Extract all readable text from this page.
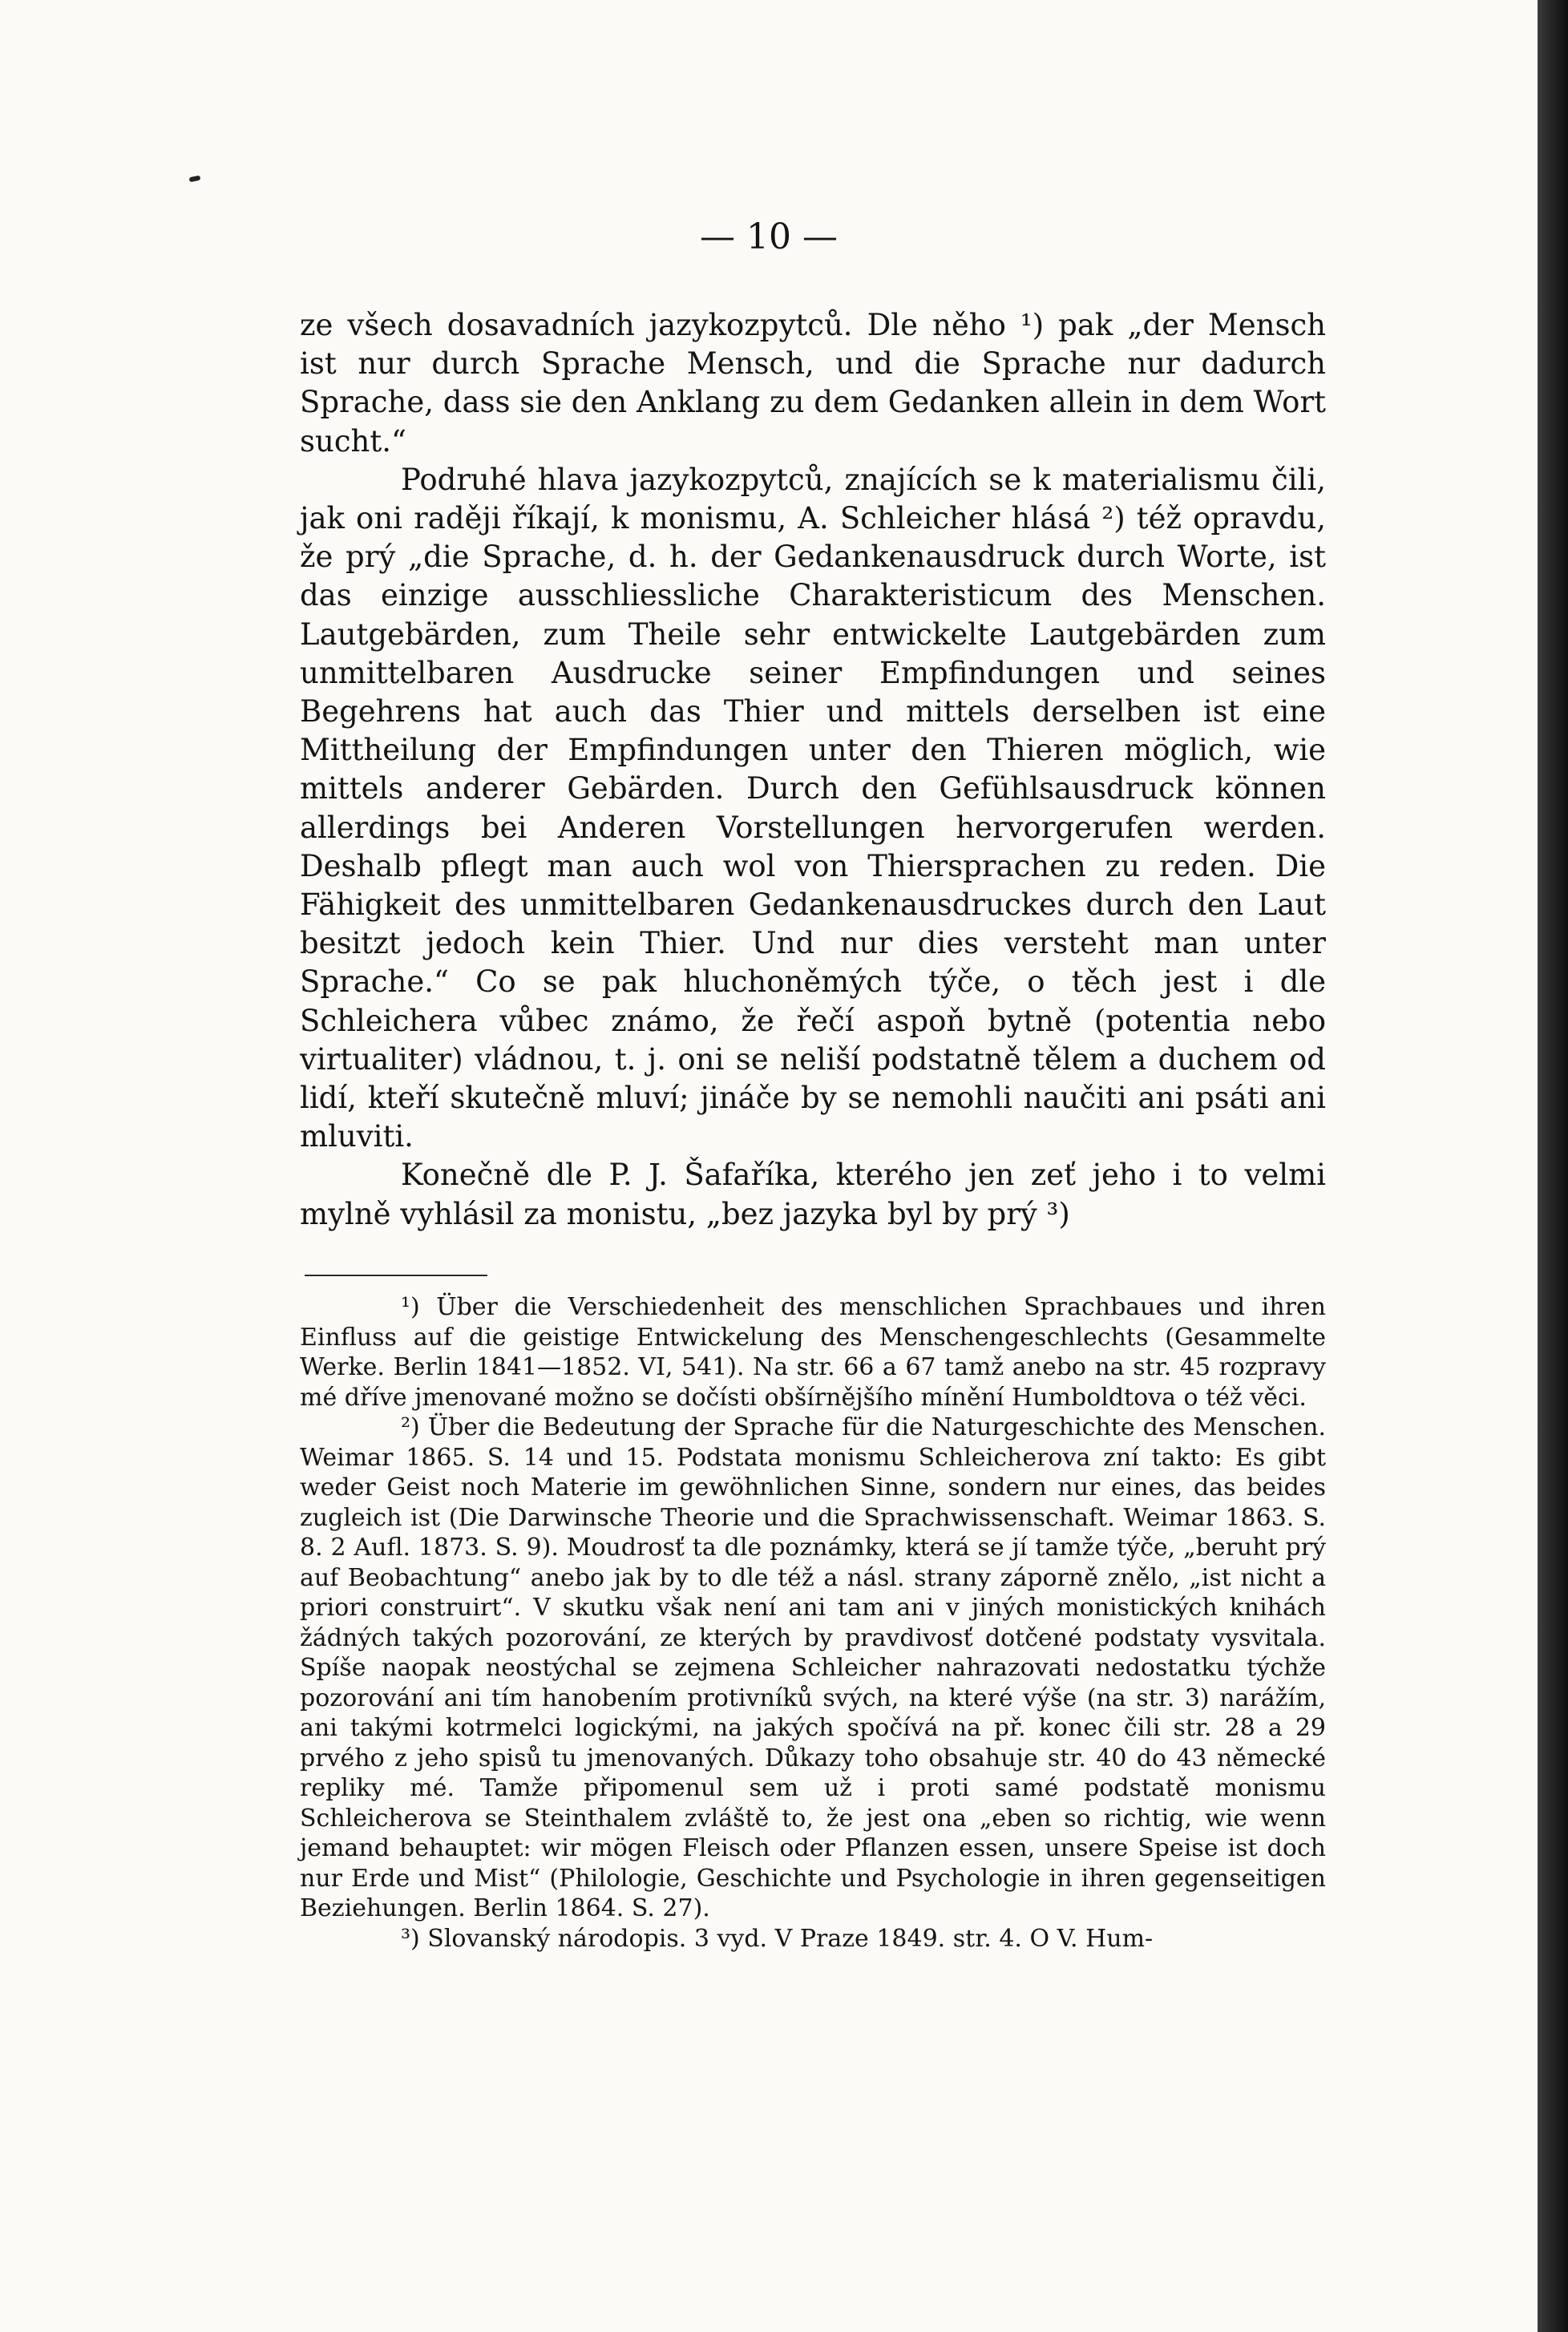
— 10 —

ze všech dosavadních jazykozpytců. Dle něho ¹) pak „der Mensch ist nur durch Sprache Mensch, und die Sprache nur dadurch Sprache, dass sie den Anklang zu dem Gedanken allein in dem Wort sucht.“

Podruhé hlava jazykozpytců, znajících se k materialismu čili, jak oni raději říkají, k monismu, A. Schleicher hlásá ²) též opravdu, že prý „die Sprache, d. h. der Gedankenausdruck durch Worte, ist das einzige ausschliessliche Charakteristicum des Menschen. Lautgebärden, zum Theile sehr entwickelte Lautgebärden zum unmittelbaren Ausdrucke seiner Empfindungen und seines Begehrens hat auch das Thier und mittels derselben ist eine Mittheilung der Empfindungen unter den Thieren möglich, wie mittels anderer Gebärden. Durch den Gefühlsausdruck können allerdings bei Anderen Vorstellungen hervorgerufen werden. Deshalb pflegt man auch wol von Thiersprachen zu reden. Die Fähigkeit des unmittelbaren Gedankenausdruckes durch den Laut besitzt jedoch kein Thier. Und nur dies versteht man unter Sprache.“ Co se pak hluchoněmých týče, o těch jest i dle Schleichera vůbec známo, že řečí aspoň bytně (potentia nebo virtualiter) vládnou, t. j. oni se neliší podstatně tělem a duchem od lidí, kteří skutečně mluví; jináče by se nemohli naučiti ani psáti ani mluviti.

Konečně dle P. J. Šafaříka, kterého jen zeť jeho i to velmi mylně vyhlásil za monistu, „bez jazyka byl by prý ³)

¹) Über die Verschiedenheit des menschlichen Sprachbaues und ihren Einfluss auf die geistige Entwickelung des Menschengeschlechts (Gesammelte Werke. Berlin 1841—1852. VI, 541). Na str. 66 a 67 tamž anebo na str. 45 rozpravy mé dříve jmenované možno se dočísti obšírnějšího mínění Humboldtova o též věci.

²) Über die Bedeutung der Sprache für die Naturgeschichte des Menschen. Weimar 1865. S. 14 und 15. Podstata monismu Schleicherova zní takto: Es gibt weder Geist noch Materie im gewöhnlichen Sinne, sondern nur eines, das beides zugleich ist (Die Darwinsche Theorie und die Sprachwissenschaft. Weimar 1863. S. 8. 2 Aufl. 1873. S. 9). Moudrosť ta dle poznámky, která se jí tamže týče, „beruht prý auf Beobachtung“ anebo jak by to dle též a násl. strany záporně znělo, „ist nicht a priori construirt“. V skutku však není ani tam ani v jiných monistických knihách žádných takých pozorování, ze kterých by pravdivosť dotčené podstaty vysvitala. Spíše naopak neostýchal se zejmena Schleicher nahrazovati nedostatku týchže pozorování ani tím hanobením protivníků svých, na které výše (na str. 3) narážím, ani takými kotrmelci logickými, na jakých spočívá na př. konec čili str. 28 a 29 prvého z jeho spisů tu jmenovaných. Důkazy toho obsahuje str. 40 do 43 německé repliky mé. Tamže připomenul sem už i proti samé podstatě monismu Schleicherova se Steinthalem zvláště to, že jest ona „eben so richtig, wie wenn jemand behauptet: wir mögen Fleisch oder Pflanzen essen, unsere Speise ist doch nur Erde und Mist“ (Philologie, Geschichte und Psychologie in ihren gegenseitigen Beziehungen. Berlin 1864. S. 27).

³) Slovanský národopis. 3 vyd. V Praze 1849. str. 4. O V. Hum-
